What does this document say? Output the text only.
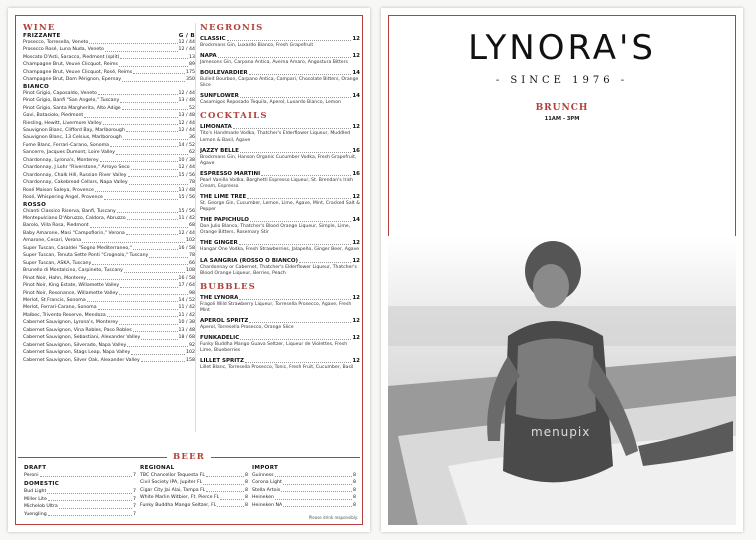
WINE
FRIZZANTE	G / B
Prosecco, Torresella, Veneto	12 / 44
Prosecco Rosé, Luna Nuda, Veneto	12 / 44
Moscato D'Asti, Saracco, Piedmont (split)	13
Champagne Brut, Veuve Clicquot, Reims	89
Champagne Brut, Veuve Clicquot, Rosé, Reims	175
Champagne Brut, Dom Pérignon, Epernay	350
BIANCO
Pinot Grigio, Caposaldo, Veneto	12 / 44
Pinot Grigio, Banfi "San Angelo," Tuscany	13 / 48
Pinot Grigio, Santa Margherita, Alto Adige	52
Gavi, Batasiolo, Piedmont	13 / 48
Riesling, Hewitt, Livermore Valley	12 / 44
Sauvignon Blanc, Clifford Bay, Marlborough	12 / 44
Sauvignon Blanc, 13 Celsius, Marlborough	36
Fume Blanc, Ferrari-Carano, Sonoma	14 / 52
Sancerre, Jacques Dumont, Loire Valley	62
Chardonnay, Lyrona's, Monterey	10 / 38
Chardonnay, J Lohr "Riverstone," Arroyo Seco	12 / 44
Chardonnay, Chalk Hill, Russian River Valley	15 / 56
Chardonnay, Cakebread Cellars, Napa Valley	78
Rosé Maison Saleya, Provence	13 / 48
Rosé, Whispering Angel, Provence	15 / 56
ROSSO
Chianti Classico Riserva, Banfi, Tuscany	15 / 56
Montepulciano D'Abruzzo, Caldora, Abruzzo	11 / 42
Barolo, Villa Rosa, Piedmont	68
Baby Amarone, Masi "Campofiorin," Verona	12 / 44
Amarone, Cesari, Verona	102
Super Tuscan, Casaldei "Sogno Mediterraneo,"	16 / 58
Super Tuscan, Tenuta Sette Ponti "Crognolo," Tuscany	78
Super Tuscan, ASKA, Tuscany	66
Brunello di Montalcino, Carpineto, Tuscany	108
Pinot Noir, Hahn, Monterey	16 / 58
Pinot Noir, King Estate, Willamette Valley	17 / 64
Pinot Noir, Resonance, Willamette Valley	98
Merlot, St Francis, Sonoma	14 / 52
Merlot, Ferrari-Carano, Sonoma	11 / 42
Malbec, Trivento Reserve, Mendoza	11 / 42
Cabernet Sauvignon, Lyrona's, Monterey	10 / 38
Cabernet Sauvignon, Vina Robles, Paso Robles	13 / 48
Cabernet Sauvignon, Sebastiani, Alexander Valley	18 / 68
Cabernet Sauvignon, Silverado, Napa Valley	92
Cabernet Sauvignon, Stags Leap, Napa Valley	102
Cabernet Sauvignon, Silver Oak, Alexander Valley	158
NEGRONIS
CLASSIC	12
Brockmans Gin, Luxardo Bianco, Fresh Grapefruit
NAPA	12
Jamesons Gin, Carpano Antica, Averna Amaro, Angostura Bitters
BOULEVARDIER	14
Bulleit Bourbon, Carpano Antica, Campari, Chocolate Bitters, Orange Slice
SUNFLOWER	14
Casamigos Reposado Tequila, Aperol, Luxardo Bianco, Lemon
COCKTAILS
LIMONATA	12
Tito's Handmade Vodka, Thatcher's Elderflower Liqueur, Muddled Lemon & Basil, Agave
JAZZY BELLE	16
Brockmans Gin, Hanson Organic Cucumber Vodka, Fresh Grapefruit, Agave
ESPRESSO MARTINI	16
Pearl Vanilla Vodka, Borghetti Espresso Liqueur, St. Brendan's Irish Cream, Espresso
THE LIME TREE	12
St. George Gin, Cucumber, Lemon, Lime, Agave, Mint, Cracked Salt & Pepper
THE PAPICHULO	14
Don Julio Blanco, Thatcher's Blood Orange Liqueur, Simple, Lime, Orange Bitters, Rosemary Stir
THE GINGER	12
Hangar One Vodka, Fresh Strawberries, Jalapeño, Ginger Beer, Agave
LA SANGRIA (ROSSO O BIANCO)	12
Chardonnay or Cabernet, Thatcher's Elderflower Liqueur, Thatcher's Blood Orange Liqueur, Berries, Peach
BUBBLES
THE LYNORA	12
Fragoli Wild Strawberry Liqueur, Torresella Prosecco, Agave, Fresh Mint
APEROL SPRITZ	12
Aperol, Torresella Prosecco, Orange Slice
FUNKADELIC	12
Funky Buddha Mango Guava Seltzer, Liqueur de Violettes, Fresh Lime, Blueberries
LILLET SPRITZ	12
Lillet Blanc, Torresella Prosecco, Tonic, Fresh Fruit, Cucumber, Basil
BEER
DRAFT
Peroni	7
DOMESTIC
Bud Light	7
Miller Lite	7
Michelob Ultra	7
Yuengling	7
REGIONAL
TBC Chancellor Tequesta FL	8
Civil Society IPA, Jupiter FL	8
Cigar City Jai Alai, Tampa FL	8
White Marlin Witbier, Ft. Pierce FL	8
Funky Buddha Mango Seltzer, FL	8
IMPORT
Guinness	8
Corona Light	8
Stella Artois	8
Heineken	8
Heineken NA	8
Please drink responsibly.
LYNORA'S
- SINCE 1976 -
BRUNCH
11AM - 3PM
menupix
